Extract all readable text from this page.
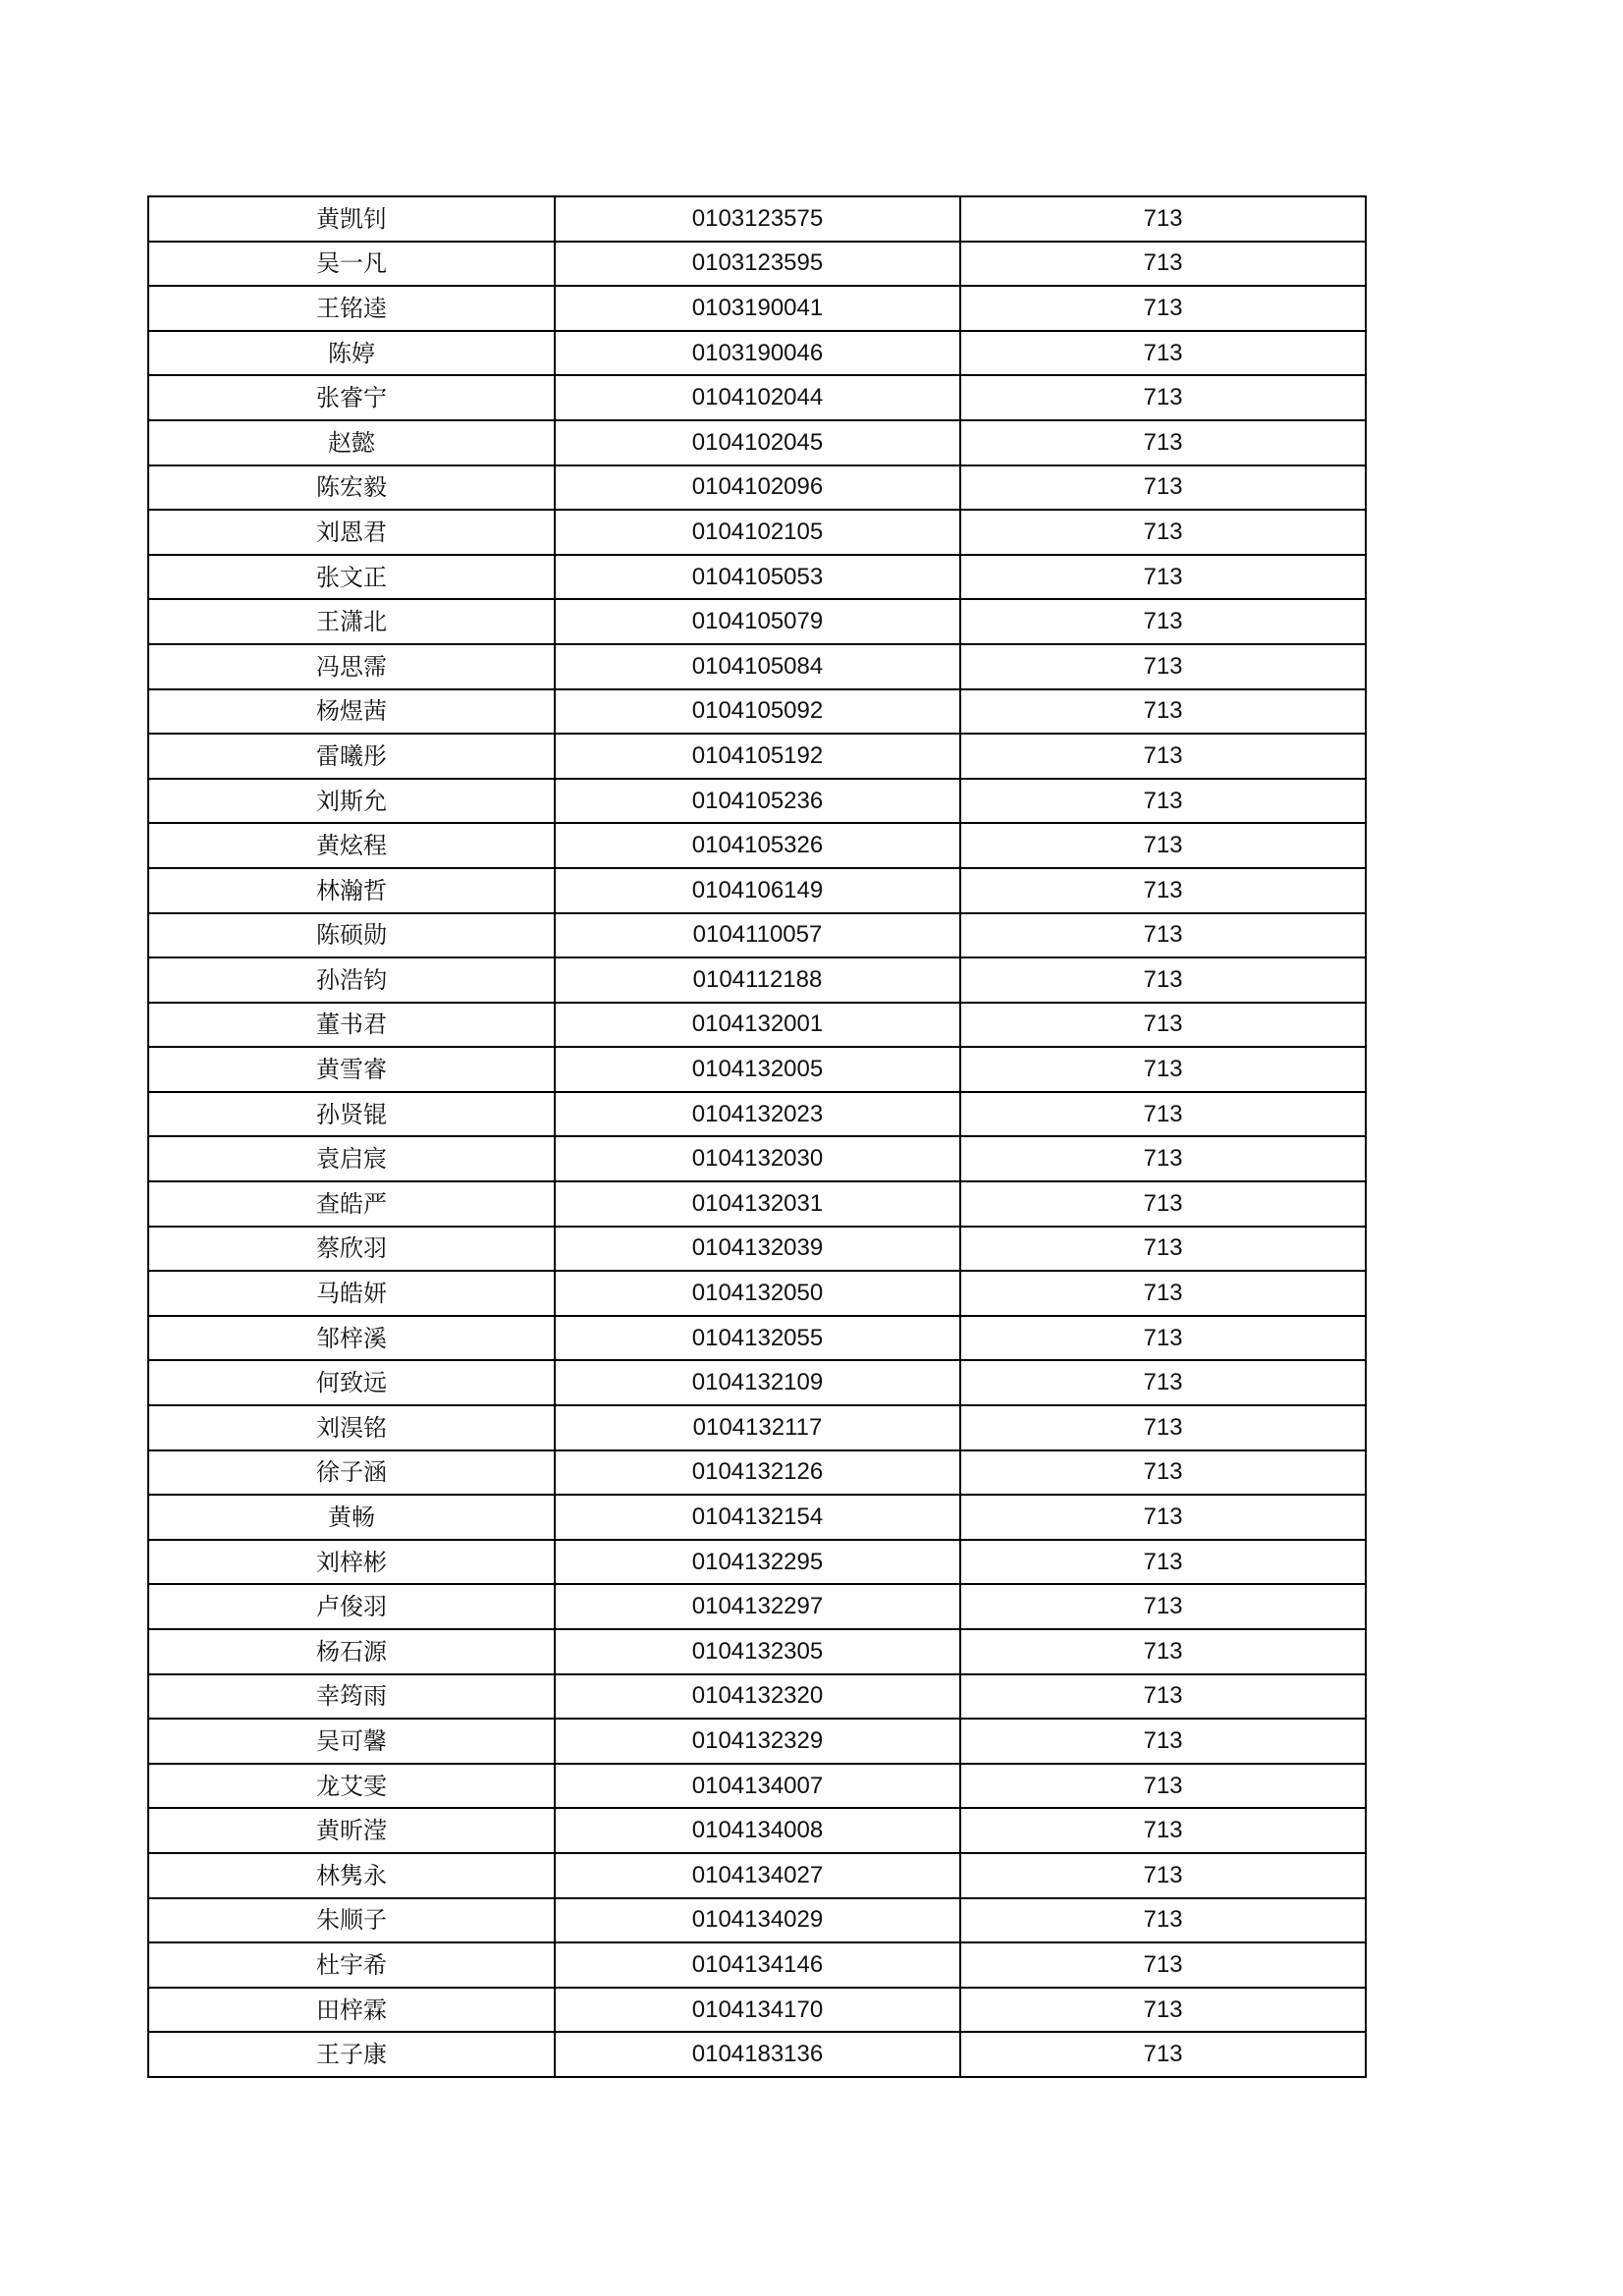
黄凯钊	0103123575	713
吴一凡	0103123595	713
王铭逵	0103190041	713
陈婷	0103190046	713
张睿宁	0104102044	713
赵懿	0104102045	713
陈宏毅	0104102096	713
刘恩君	0104102105	713
张文正	0104105053	713
王潇北	0104105079	713
冯思霈	0104105084	713
杨煜茜	0104105092	713
雷曦彤	0104105192	713
刘斯允	0104105236	713
黄炫程	0104105326	713
林瀚哲	0104106149	713
陈硕勋	0104110057	713
孙浩钧	0104112188	713
董书君	0104132001	713
黄雪睿	0104132005	713
孙贤锟	0104132023	713
袁启宸	0104132030	713
查皓严	0104132031	713
蔡欣羽	0104132039	713
马皓妍	0104132050	713
邹梓溪	0104132055	713
何致远	0104132109	713
刘淏铭	0104132117	713
徐子涵	0104132126	713
黄畅	0104132154	713
刘梓彬	0104132295	713
卢俊羽	0104132297	713
杨石源	0104132305	713
幸筠雨	0104132320	713
吴可馨	0104132329	713
龙艾雯	0104134007	713
黄昕滢	0104134008	713
林隽永	0104134027	713
朱顺子	0104134029	713
杜宇希	0104134146	713
田梓霖	0104134170	713
王子康	0104183136	713
